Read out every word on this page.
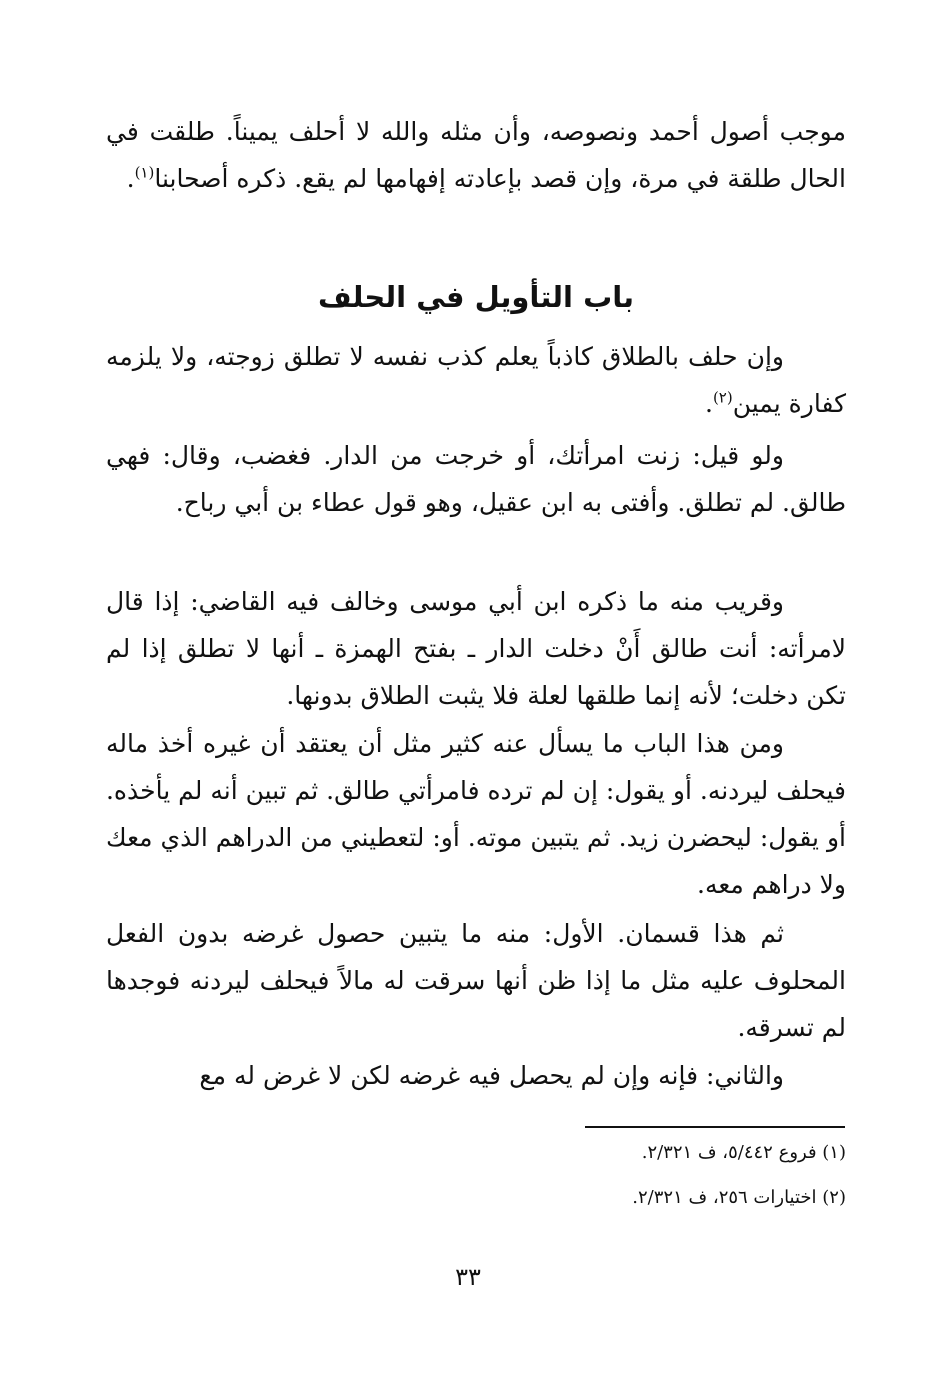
موجب أصول أحمد ونصوصه، وأن مثله والله لا أحلف يميناً. طلقت في الحال طلقة في مرة، وإن قصد بإعادته إفهامها لم يقع. ذكره أصحابنا$^{(١)}$.
باب التأويل في الحلف
وإن حلف بالطلاق كاذباً يعلم كذب نفسه لا تطلق زوجته، ولا يلزمه كفارة يمين$^{(٢)}$.
ولو قيل: زنت امرأتك، أو خرجت من الدار. فغضب، وقال: فهي طالق. لم تطلق. وأفتى به ابن عقيل، وهو قول عطاء بن أبي رباح.
وقريب منه ما ذكره ابن أبي موسى وخالف فيه القاضي: إذا قال لامرأته: أنت طالق أَنْ دخلت الدار ـ بفتح الهمزة ـ أنها لا تطلق إذا لم تكن دخلت؛ لأنه إنما طلقها لعلة فلا يثبت الطلاق بدونها.
ومن هذا الباب ما يسأل عنه كثير مثل أن يعتقد أن غيره أخذ ماله فيحلف ليردنه. أو يقول: إن لم ترده فامرأتي طالق. ثم تبين أنه لم يأخذه. أو يقول: ليحضرن زيد. ثم يتبين موته. أو: لتعطيني من الدراهم الذي معك ولا دراهم معه.
ثم هذا قسمان. الأول: منه ما يتبين حصول غرضه بدون الفعل المحلوف عليه مثل ما إذا ظن أنها سرقت له مالاً فيحلف ليردنه فوجدها لم تسرقه.
والثاني: فإنه وإن لم يحصل فيه غرضه لكن لا غرض له مع
(١) فروع ٥/٤٤٢، ف ٢/٣٢١.
(٢) اختيارات ٢٥٦، ف ٢/٣٢١.
٣٣
